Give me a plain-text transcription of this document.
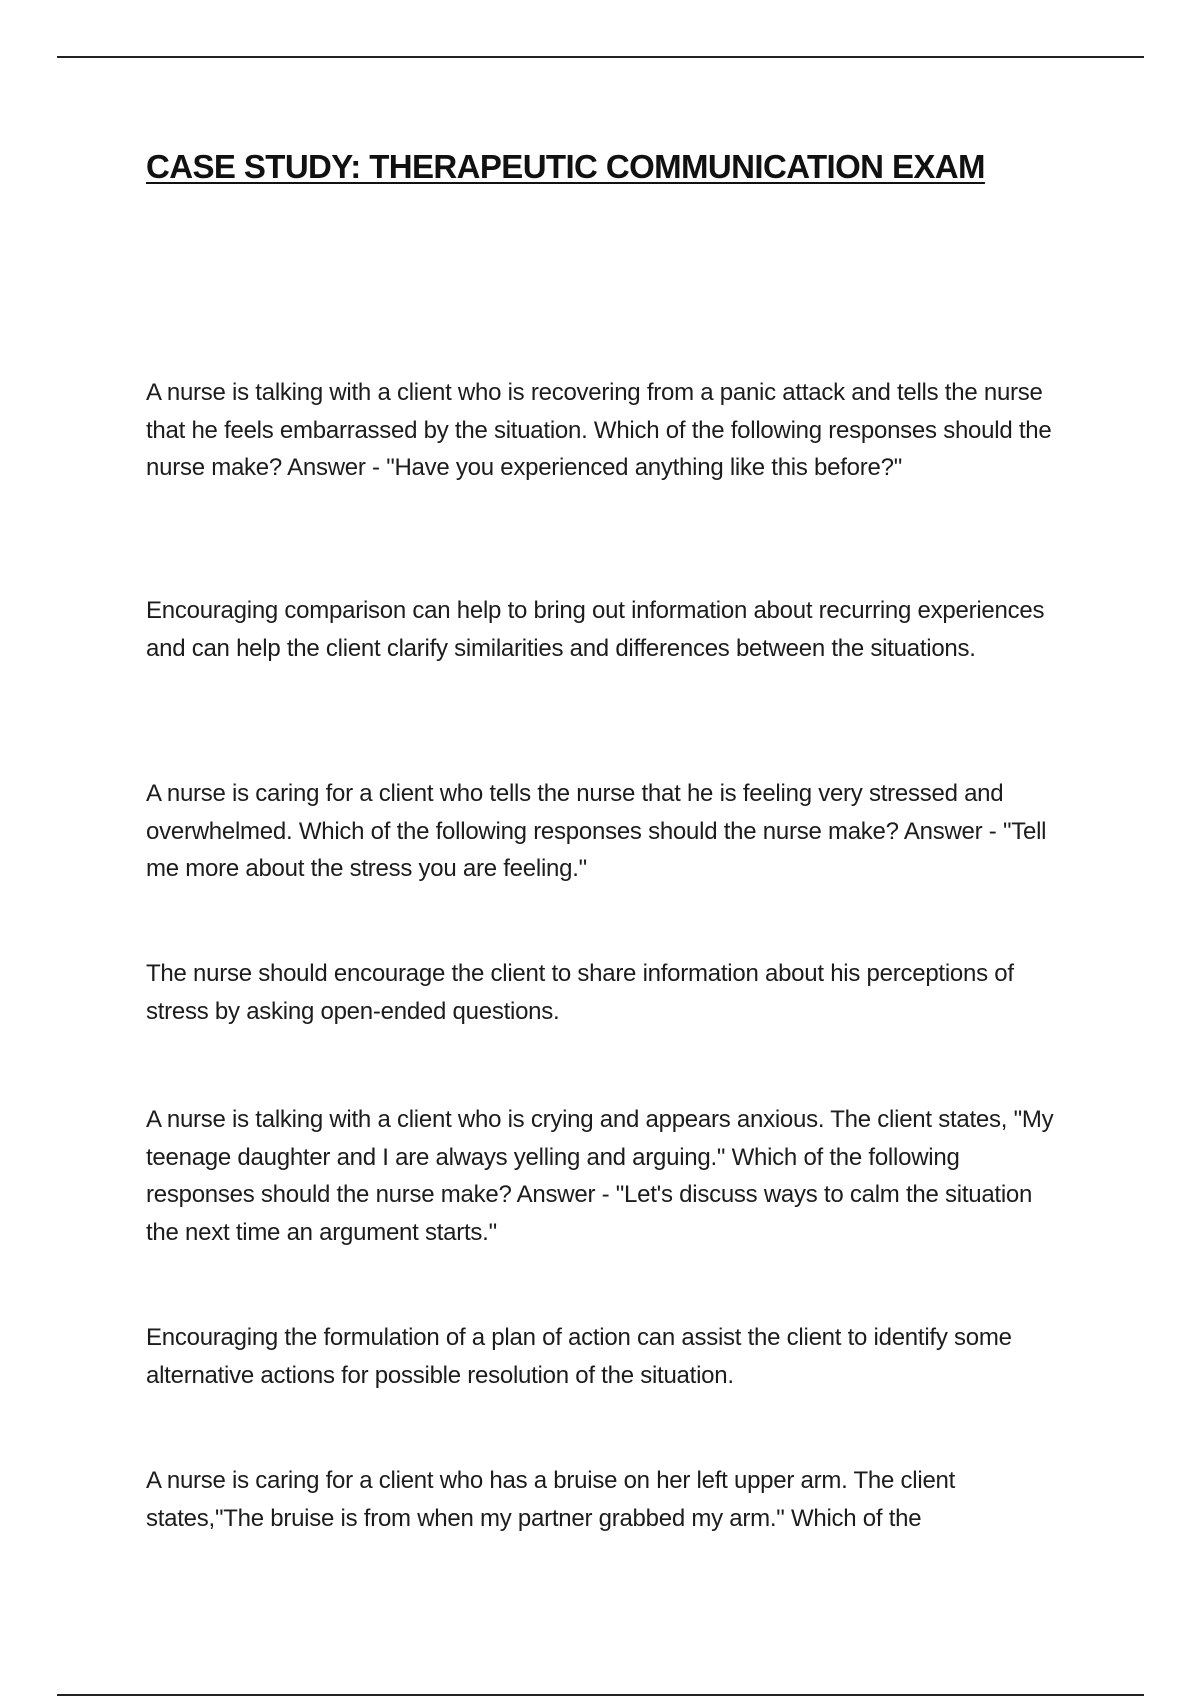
CASE STUDY: THERAPEUTIC COMMUNICATION EXAM

A nurse is talking with a client who is recovering from a panic attack and tells the nurse that he feels embarrassed by the situation. Which of the following responses should the nurse make? Answer - "Have you experienced anything like this before?"

Encouraging comparison can help to bring out information about recurring experiences and can help the client clarify similarities and differences between the situations.

A nurse is caring for a client who tells the nurse that he is feeling very stressed and overwhelmed. Which of the following responses should the nurse make? Answer - "Tell me more about the stress you are feeling."

The nurse should encourage the client to share information about his perceptions of stress by asking open-ended questions.

A nurse is talking with a client who is crying and appears anxious. The client states, "My teenage daughter and I are always yelling and arguing." Which of the following responses should the nurse make? Answer - "Let's discuss ways to calm the situation the next time an argument starts."

Encouraging the formulation of a plan of action can assist the client to identify some alternative actions for possible resolution of the situation.

A nurse is caring for a client who has a bruise on her left upper arm. The client states,"The bruise is from when my partner grabbed my arm." Which of the
